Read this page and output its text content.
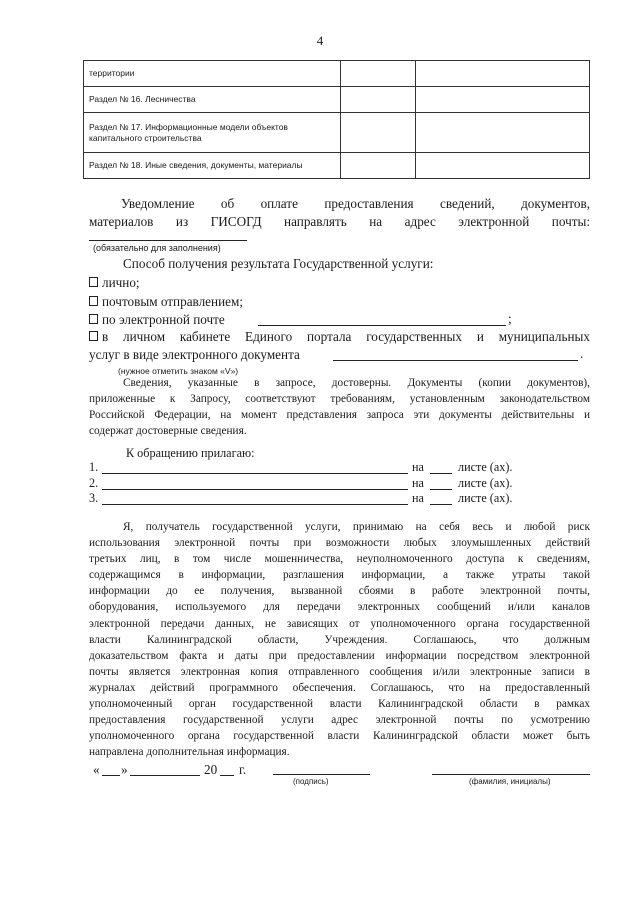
4
территории		
Раздел № 16. Лесничества		
Раздел № 17. Информационные модели объектов капитального строительства		
Раздел № 18. Иные сведения, документы, материалы		
Уведомление об оплате предоставления сведений, документов,
материалов из ГИСОГД направлять на адрес электронной почты:
(обязательно для заполнения)
Способ получения результата Государственной услуги:
лично;
почтовым отправлением;
по электронной почте	;
в личном кабинете Единого портала государственных и муниципальных
услуг в виде электронного документа	.
(нужное отметить знаком «V»)
Сведения, указанные в запросе, достоверны. Документы (копии документов),
приложенные к Запросу, соответствуют требованиям, установленным законодательством
Российской Федерации, на момент представления запроса эти документы действительны и
содержат достоверные сведения.
К обращению прилагаю:
1.	на	листе (ах).
2.	на	листе (ах).
3.	на	листе (ах).
Я, получатель государственной услуги, принимаю на себя весь и любой риск
использования электронной почты при возможности любых злоумышленных действий
третьих лиц, в том числе мошенничества, неуполномоченного доступа к сведениям,
содержащимся в информации, разглашения информации, а также утраты такой
информации до ее получения, вызванной сбоями в работе электронной почты,
оборудования, используемого для передачи электронных сообщений и/или каналов
электронной передачи данных, не зависящих от уполномоченного органа государственной
власти Калининградской области, Учреждения. Соглашаюсь, что должным
доказательством факта и даты при предоставлении информации посредством электронной
почты является электронная копия отправленного сообщения и/или электронные записи в
журналах действий программного обеспечения. Соглашаюсь, что на предоставленный
уполномоченный орган государственной власти Калининградской области в рамках
предоставления государственной услуги адрес электронной почты по усмотрению
уполномоченного органа государственной власти Калининградской области может быть
направлена дополнительная информация.
« »	20 г.
(подпись)	(фамилия, инициалы)
